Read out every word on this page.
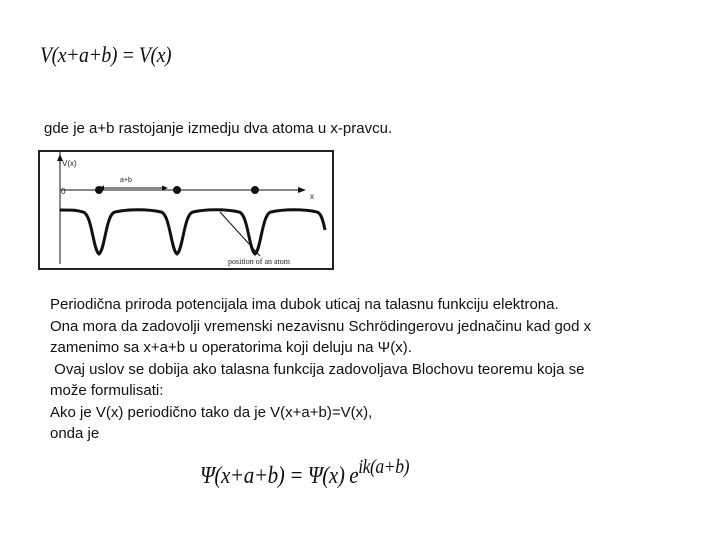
V(x+a+b) = V(x)
gde je a+b rastojanje izmedju dva atoma u x-pravcu.
V(x)
x
0
a+b
position of an atom

Periodična priroda potencijala ima dubok uticaj na talasnu funkciju elektrona.

Ona mora da zadovolji vremenski nezavisnu Schrödingerovu jednačinu kad god x

zamenimo sa x+a+b u operatorima koji deluju na Ψ(x).

Ovaj uslov se dobija ako talasna funkcija zadovoljava Blochovu teoremu koja se

može formulisati:

Ako je V(x) periodično tako da je V(x+a+b)=V(x),

onda je

Ψ(x+a+b) = Ψ(x) $e^{ik(a+b)}$
